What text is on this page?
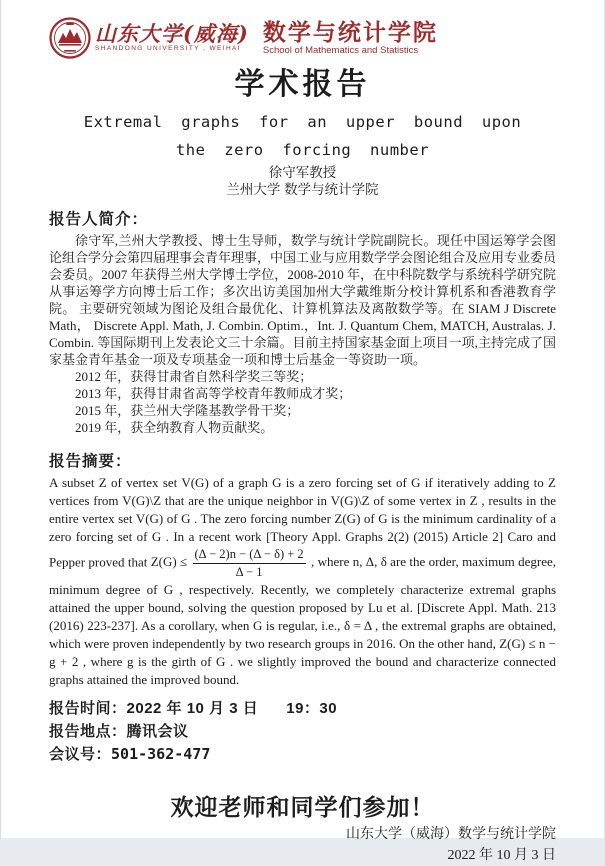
山东大学(威海)
SHANDONG UNIVERSITY , WEIHAI
数学与统计学院
School of Mathematics and Statistics
学术报告
Extremal graphs for an upper bound upon
the zero forcing number
徐守军教授
兰州大学 数学与统计学院
报告人简介：

徐守军,兰州大学教授、博士生导师，数学与统计学院副院长。现任中国运筹学会图论组合学分会第四届理事会青年理事，中国工业与应用数学学会图论组合及应用专业委员会委员。2007 年获得兰州大学博士学位，2008-2010 年，在中科院数学与系统科学研究院从事运筹学方向博士后工作；多次出访美国加州大学戴维斯分校计算机系和香港教育学院。 主要研究领域为图论及组合最优化、计算机算法及离散数学等。在 SIAM J Discrete Math， Discrete Appl. Math, J. Combin. Optim.，Int. J. Quantum Chem, MATCH, Australas. J. Combin. 等国际期刊上发表论文三十余篇。目前主持国家基金面上项目一项,主持完成了国家基金青年基金一项及专项基金一项和博士后基金一等资助一项。

2012 年，获得甘肃省自然科学奖三等奖；
2013 年，获得甘肃省高等学校青年教师成才奖；
2015 年，获兰州大学隆基教学骨干奖；
2019 年，获全纳教育人物贡献奖。
报告摘要：

A subset Z of vertex set V(G) of a graph G is a zero forcing set of G if iteratively adding to Z vertices from V(G)\Z that are the unique neighbor in V(G)\Z of some vertex in Z , results in the entire vertex set V(G) of G . The zero forcing number Z(G) of G is the minimum cardinality of a zero forcing set of G . In a recent work [Theory Appl. Graphs 2(2) (2015) Article 2] Caro and Pepper proved that $Z(G) \le \frac{(\Delta - 2)n - (\Delta - \delta) + 2}{\Delta - 1}$ , where n, Δ, δ are the order, maximum degree, minimum degree of G , respectively. Recently, we completely characterize extremal graphs attained the upper bound, solving the question proposed by Lu et al. [Discrete Appl. Math. 213 (2016) 223-237]. As a corollary, when G is regular, i.e., δ = Δ , the extremal graphs are obtained, which were proven independently by two research groups in 2016. On the other hand, Z(G) ≤ n − g + 2 , where g is the girth of G . we slightly improved the bound and characterize connected graphs attained the improved bound.

报告时间：2022 年 10 月 3 日 19：30
报告地点：腾讯会议
会议号：501-362-477
欢迎老师和同学们参加！
山东大学（威海）数学与统计学院
2022 年 10 月 3 日
